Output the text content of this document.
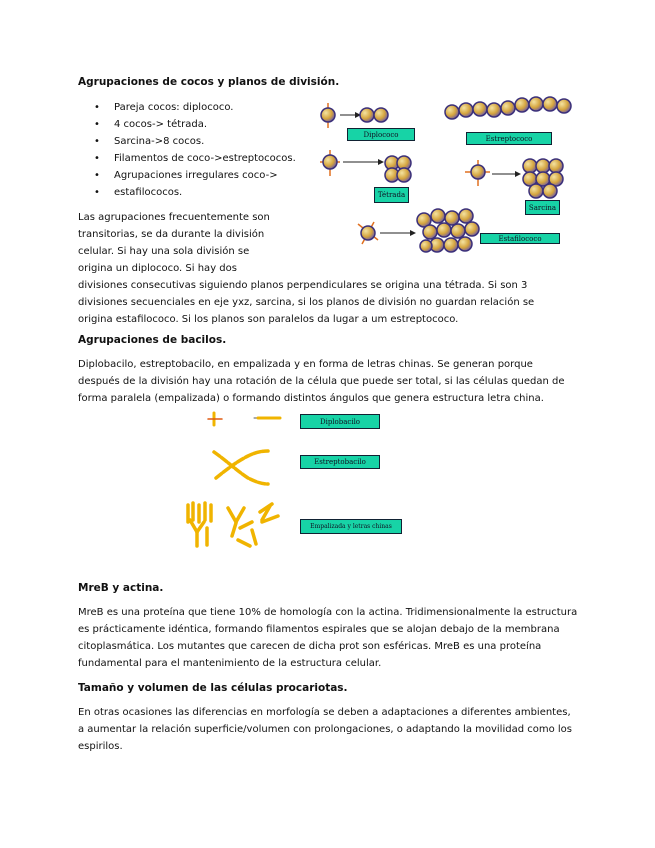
Agrupaciones de cocos y planos de división.
• Pareja cocos: diplococo.
• 4 cocos-> tétrada.
• Sarcina->8 cocos.
• Filamentos de coco->estreptococos.
• Agrupaciones irregulares coco->
• estafilococos.
Las agrupaciones frecuentemente son
transitorias, se da durante la división
celular. Si hay una sola división se
origina un diplococo. Si hay dos
divisiones consecutivas siguiendo planos perpendiculares se origina una tétrada. Si son 3
divisiones secuenciales en eje yxz, sarcina, si los planos de división no guardan relación se
origina estafilococo. Si los planos son paralelos da lugar a um estreptococo.
Diplococo	Estreptococo
Tétrada
Sarcina
Estafilococo
Agrupaciones de bacilos.
Diplobacilo, estreptobacilo, en empalizada y en forma de letras chinas. Se generan porque
después de la división hay una rotación de la célula que puede ser total, si las células quedan de
forma paralela (empalizada) o formando distintos ángulos que genera estructura letra china.
Diplobacilo
Estreptobacilo
Empalizada y letras chinas
MreB y actina.
MreB es una proteína que tiene 10% de homología con la actina. Tridimensionalmente la estructura
es prácticamente idéntica, formando filamentos espirales que se alojan debajo de la membrana
citoplasmática. Los mutantes que carecen de dicha prot son esféricas. MreB es una proteína
fundamental para el mantenimiento de la estructura celular.
Tamaño y volumen de las células procariotas.
En otras ocasiones las diferencias en morfología se deben a adaptaciones a diferentes ambientes,
a aumentar la relación superficie/volumen con prolongaciones, o adaptando la movilidad como los
espirilos.
